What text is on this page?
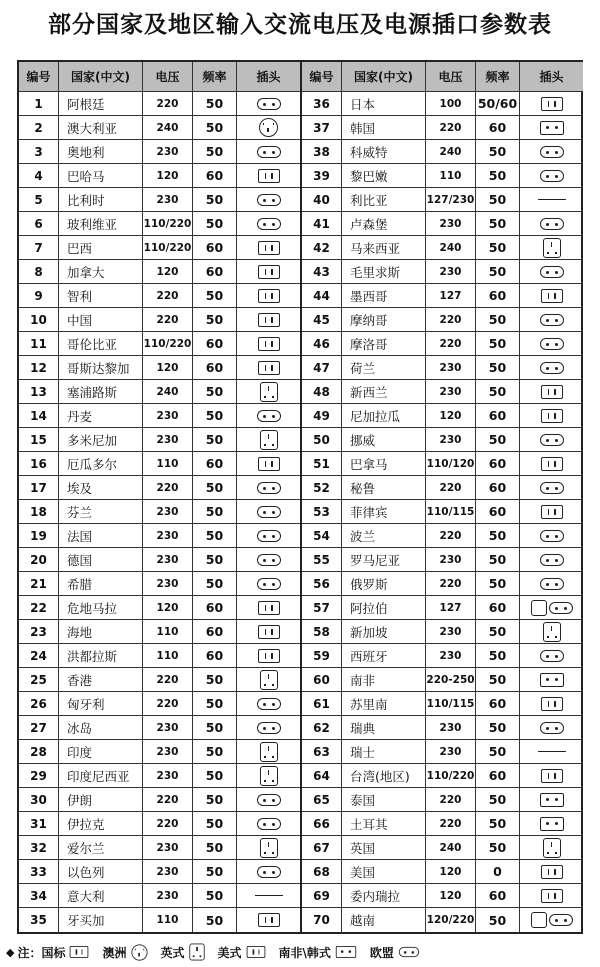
部分国家及地区输入交流电压及电源插口参数表
编号	国家(中文)	电压	频率	插头
1	阿根廷	220	50
2	澳大利亚	240	50
3	奥地利	230	50
4	巴哈马	120	60
5	比利时	230	50
6	玻利维亚	110/220	50
7	巴西	110/220	60
8	加拿大	120	60
9	智利	220	50
10	中国	220	50
11	哥伦比亚	110/220	60
12	哥斯达黎加	120	60
13	塞浦路斯	240	50
14	丹麦	230	50
15	多米尼加	230	50
16	厄瓜多尔	110	60
17	埃及	220	50
18	芬兰	230	50
19	法国	230	50
20	德国	230	50
21	希腊	230	50
22	危地马拉	120	60
23	海地	110	60
24	洪都拉斯	110	60
25	香港	220	50
26	匈牙利	220	50
27	冰岛	230	50
28	印度	230	50
29	印度尼西亚	230	50
30	伊朗	220	50
31	伊拉克	220	50
32	爱尔兰	230	50
33	以色列	230	50
34	意大利	230	50
35	牙买加	110	50
编号	国家(中文)	电压	频率	插头
36	日本	100	50/60
37	韩国	220	60
38	科威特	240	50
39	黎巴嫩	110	50
40	利比亚	127/230	50
41	卢森堡	230	50
42	马来西亚	240	50
43	毛里求斯	230	50
44	墨西哥	127	60
45	摩纳哥	220	50
46	摩洛哥	220	50
47	荷兰	230	50
48	新西兰	230	50
49	尼加拉瓜	120	60
50	挪威	230	50
51	巴拿马	110/120	60
52	秘鲁	220	60
53	菲律宾	110/115	60
54	波兰	220	50
55	罗马尼亚	230	50
56	俄罗斯	220	50
57	阿拉伯	127	60
58	新加坡	230	50
59	西班牙	230	50
60	南非	220-250	50
61	苏里南	110/115	60
62	瑞典	230	50
63	瑞士	230	50
64	台湾(地区)	110/220	60
65	泰国	220	50
66	土耳其	220	50
67	英国	240	50
68	美国	120	0
69	委内瑞拉	120	60
70	越南	120/220	50
◆ 注：国标	澳洲	英式	美式	南非\韩式	欧盟
